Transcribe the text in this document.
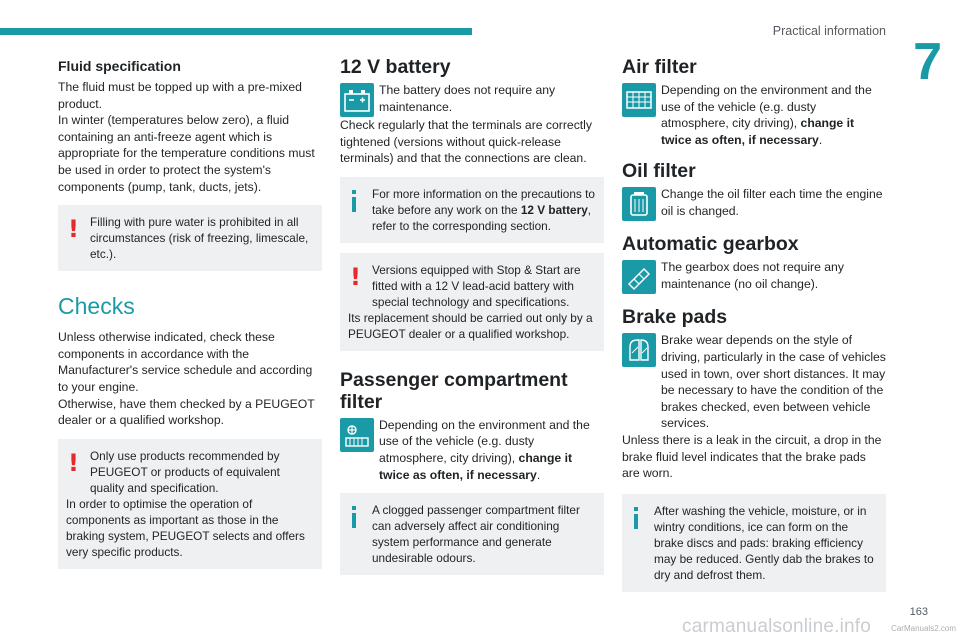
Practical information
7
Fluid specification

The fluid must be topped up with a pre-mixed product.

In winter (temperatures below zero), a fluid containing an anti-freeze agent which is appropriate for the temperature conditions must be used in order to protect the system's components (pump, tank, ducts, jets).

! Filling with pure water is prohibited in all circumstances (risk of freezing, limescale, etc.).

Checks

Unless otherwise indicated, check these components in accordance with the Manufacturer's service schedule and according to your engine.

Otherwise, have them checked by a PEUGEOT dealer or a qualified workshop.

! Only use products recommended by PEUGEOT or products of equivalent quality and specification.

In order to optimise the operation of components as important as those in the braking system, PEUGEOT selects and offers very specific products.

12 V battery
The battery does not require any maintenance.

Check regularly that the terminals are correctly tightened (versions without quick-release terminals) and that the connections are clean.

For more information on the precautions to take before any work on the 12 V battery, refer to the corresponding section.

! Versions equipped with Stop & Start are fitted with a 12 V lead-acid battery with special technology and specifications.

Its replacement should be carried out only by a PEUGEOT dealer or a qualified workshop.

Passenger compartment filter
Depending on the environment and the use of the vehicle (e.g. dusty atmosphere, city driving), change it twice as often, if necessary.

A clogged passenger compartment filter can adversely affect air conditioning system performance and generate undesirable odours.

Air filter
Depending on the environment and the use of the vehicle (e.g. dusty atmosphere, city driving), change it twice as often, if necessary.
Oil filter
Change the oil filter each time the engine oil is changed.
Automatic gearbox
The gearbox does not require any maintenance (no oil change).
Brake pads
Brake wear depends on the style of driving, particularly in the case of vehicles used in town, over short distances. It may be necessary to have the condition of the brakes checked, even between vehicle services.

Unless there is a leak in the circuit, a drop in the brake fluid level indicates that the brake pads are worn.

After washing the vehicle, moisture, or in wintry conditions, ice can form on the brake discs and pads: braking efficiency may be reduced. Gently dab the brakes to dry and defrost them.

163
carmanualsonline.info	CarManuals2.com
